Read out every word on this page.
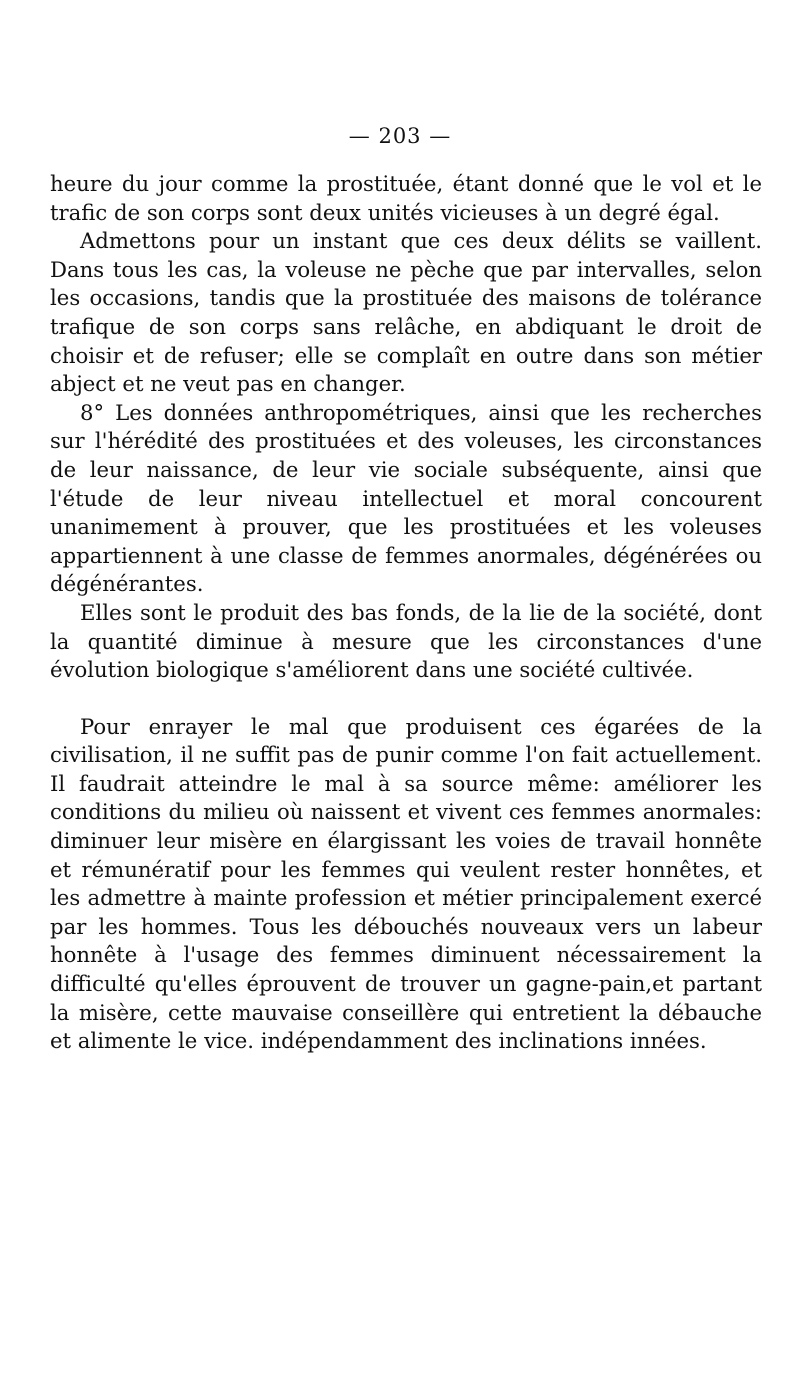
— 203 —

heure du jour comme la prostituée, étant donné que le vol et le trafic de son corps sont deux unités vicieuses à un degré égal.

Admettons pour un instant que ces deux délits se vaillent. Dans tous les cas, la voleuse ne pèche que par intervalles, selon les occasions, tandis que la prostituée des maisons de tolérance trafique de son corps sans relâche, en abdiquant le droit de choisir et de refuser; elle se complaît en outre dans son métier abject et ne veut pas en changer.

8° Les données anthropométriques, ainsi que les recherches sur l'hérédité des prostituées et des voleuses, les circonstances de leur naissance, de leur vie sociale subséquente, ainsi que l'étude de leur niveau intellectuel et moral concourent unanimement à prouver, que les prostituées et les voleuses appartiennent à une classe de femmes anormales, dégénérées ou dégénérantes.

Elles sont le produit des bas fonds, de la lie de la société, dont la quantité diminue à mesure que les circonstances d'une évolution biologique s'améliorent dans une société cultivée.

Pour enrayer le mal que produisent ces égarées de la civilisation, il ne suffit pas de punir comme l'on fait actuellement. Il faudrait atteindre le mal à sa source même: améliorer les conditions du milieu où naissent et vivent ces femmes anormales: diminuer leur misère en élargissant les voies de travail honnête et rémunératif pour les femmes qui veulent rester honnêtes, et les admettre à mainte profession et métier principalement exercé par les hommes. Tous les débouchés nouveaux vers un labeur honnête à l'usage des femmes diminuent nécessairement la difficulté qu'elles éprouvent de trouver un gagne-pain,et partant la misère, cette mauvaise conseillère qui entretient la débauche et alimente le vice. indépendamment des inclinations innées.
